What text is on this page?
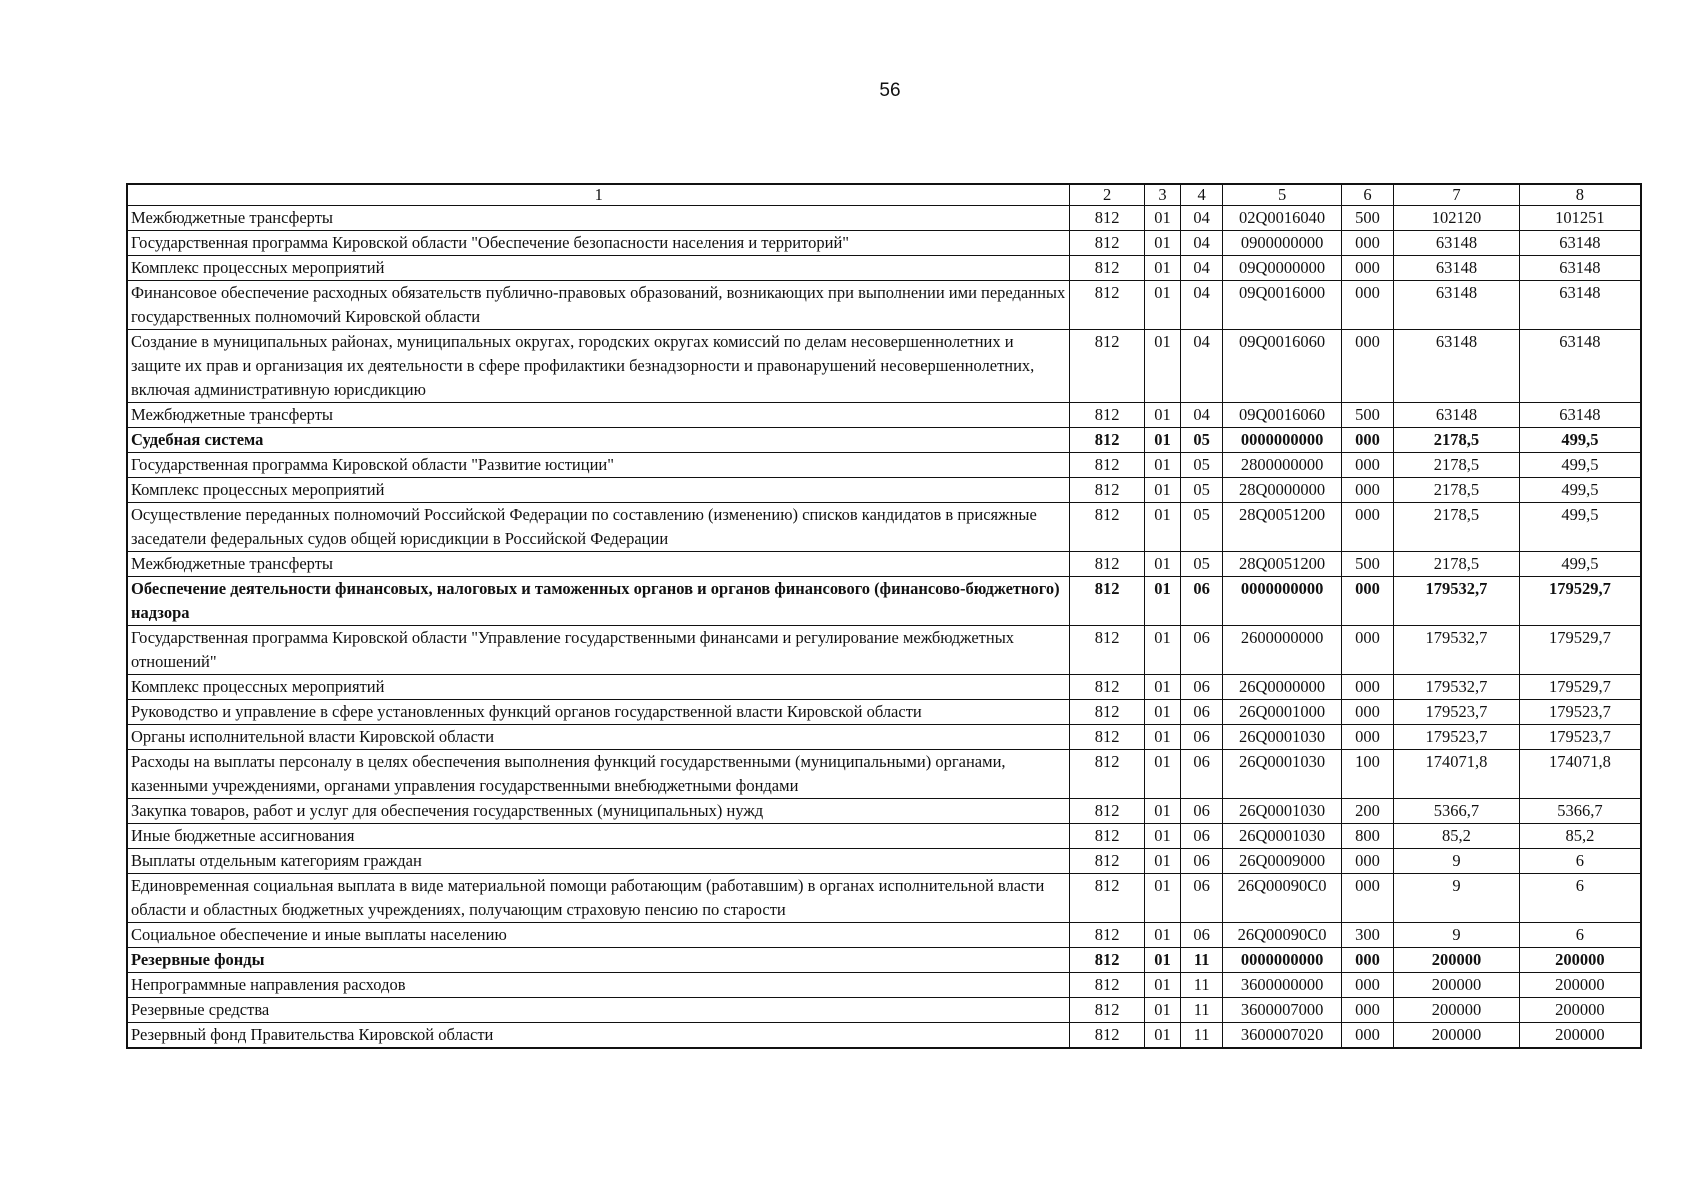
56
1	2	3	4	5	6	7	8
Межбюджетные трансферты	812	01	04	02Q0016040	500	102120	101251
Государственная программа Кировской области "Обеспечение безопасности населения и территорий"	812	01	04	0900000000	000	63148	63148
Комплекс процессных мероприятий	812	01	04	09Q0000000	000	63148	63148
Финансовое обеспечение расходных обязательств публично-правовых образований, возникающих при выполнении ими переданных государственных полномочий Кировской области	812	01	04	09Q0016000	000	63148	63148
Создание в муниципальных районах, муниципальных округах, городских округах комиссий по делам несовершеннолетних и защите их прав и организация их деятельности в сфере профилактики безнадзорности и правонарушений несовершеннолетних, включая административную юрисдикцию	812	01	04	09Q0016060	000	63148	63148
Межбюджетные трансферты	812	01	04	09Q0016060	500	63148	63148
Судебная система	812	01	05	0000000000	000	2178,5	499,5
Государственная программа Кировской области "Развитие юстиции"	812	01	05	2800000000	000	2178,5	499,5
Комплекс процессных мероприятий	812	01	05	28Q0000000	000	2178,5	499,5
Осуществление переданных полномочий Российской Федерации по составлению (изменению) списков кандидатов в присяжные заседатели федеральных судов общей юрисдикции в Российской Федерации	812	01	05	28Q0051200	000	2178,5	499,5
Межбюджетные трансферты	812	01	05	28Q0051200	500	2178,5	499,5
Обеспечение деятельности финансовых, налоговых и таможенных органов и органов финансового (финансово-бюджетного) надзора	812	01	06	0000000000	000	179532,7	179529,7
Государственная программа Кировской области "Управление государственными финансами и регулирование межбюджетных отношений"	812	01	06	2600000000	000	179532,7	179529,7
Комплекс процессных мероприятий	812	01	06	26Q0000000	000	179532,7	179529,7
Руководство и управление в сфере установленных функций органов государственной власти Кировской области	812	01	06	26Q0001000	000	179523,7	179523,7
Органы исполнительной власти Кировской области	812	01	06	26Q0001030	000	179523,7	179523,7
Расходы на выплаты персоналу в целях обеспечения выполнения функций государственными (муниципальными) органами, казенными учреждениями, органами управления государственными внебюджетными фондами	812	01	06	26Q0001030	100	174071,8	174071,8
Закупка товаров, работ и услуг для обеспечения государственных (муниципальных) нужд	812	01	06	26Q0001030	200	5366,7	5366,7
Иные бюджетные ассигнования	812	01	06	26Q0001030	800	85,2	85,2
Выплаты отдельным категориям граждан	812	01	06	26Q0009000	000	9	6
Единовременная социальная выплата в виде материальной помощи работающим (работавшим) в органах исполнительной власти области и областных бюджетных учреждениях, получающим страховую пенсию по старости	812	01	06	26Q00090C0	000	9	6
Социальное обеспечение и иные выплаты населению	812	01	06	26Q00090C0	300	9	6
Резервные фонды	812	01	11	0000000000	000	200000	200000
Непрограммные направления расходов	812	01	11	3600000000	000	200000	200000
Резервные средства	812	01	11	3600007000	000	200000	200000
Резервный фонд Правительства Кировской области	812	01	11	3600007020	000	200000	200000
